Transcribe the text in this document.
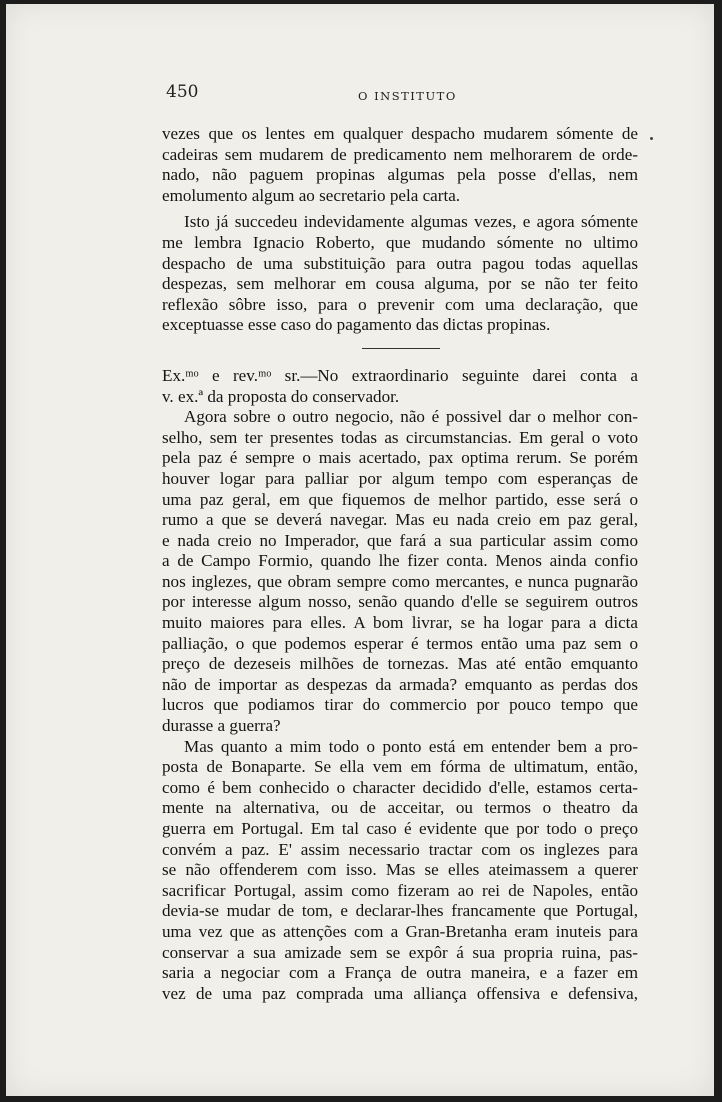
450	O INSTITUTO
vezes que os lentes em qualquer despacho mudarem sómente de
cadeiras sem mudarem de predicamento nem melhorarem de orde-
nado, não paguem propinas algumas pela posse d'ellas, nem
emolumento algum ao secretario pela carta.
Isto já succedeu indevidamente algumas vezes, e agora sómente
me lembra Ignacio Roberto, que mudando sómente no ultimo
despacho de uma substituição para outra pagou todas aquellas
despezas, sem melhorar em cousa alguma, por se não ter feito
reflexão sôbre isso, para o prevenir com uma declaração, que
exceptuasse esse caso do pagamento das dictas propinas.
Ex.ᵐᵒ e rev.ᵐᵒ sr.—No extraordinario seguinte darei conta a
v. ex.ª da proposta do conservador.
Agora sobre o outro negocio, não é possivel dar o melhor con-
selho, sem ter presentes todas as circumstancias. Em geral o voto
pela paz é sempre o mais acertado, pax optima rerum. Se porém
houver logar para palliar por algum tempo com esperanças de
uma paz geral, em que fiquemos de melhor partido, esse será o
rumo a que se deverá navegar. Mas eu nada creio em paz geral,
e nada creio no Imperador, que fará a sua particular assim como
a de Campo Formio, quando lhe fizer conta. Menos ainda confio
nos inglezes, que obram sempre como mercantes, e nunca pugnarão
por interesse algum nosso, senão quando d'elle se seguirem outros
muito maiores para elles. A bom livrar, se ha logar para a dicta
palliação, o que podemos esperar é termos então uma paz sem o
preço de dezeseis milhões de tornezas. Mas até então emquanto
não de importar as despezas da armada? emquanto as perdas dos
lucros que podiamos tirar do commercio por pouco tempo que
durasse a guerra?
Mas quanto a mim todo o ponto está em entender bem a pro-
posta de Bonaparte. Se ella vem em fórma de ultimatum, então,
como é bem conhecido o character decidido d'elle, estamos certa-
mente na alternativa, ou de acceitar, ou termos o theatro da
guerra em Portugal. Em tal caso é evidente que por todo o preço
convém a paz. E' assim necessario tractar com os inglezes para
se não offenderem com isso. Mas se elles ateimassem a querer
sacrificar Portugal, assim como fizeram ao rei de Napoles, então
devia-se mudar de tom, e declarar-lhes francamente que Portugal,
uma vez que as attenções com a Gran-Bretanha eram inuteis para
conservar a sua amizade sem se expôr á sua propria ruina, pas-
saria a negociar com a França de outra maneira, e a fazer em
vez de uma paz comprada uma alliança offensiva e defensiva,
